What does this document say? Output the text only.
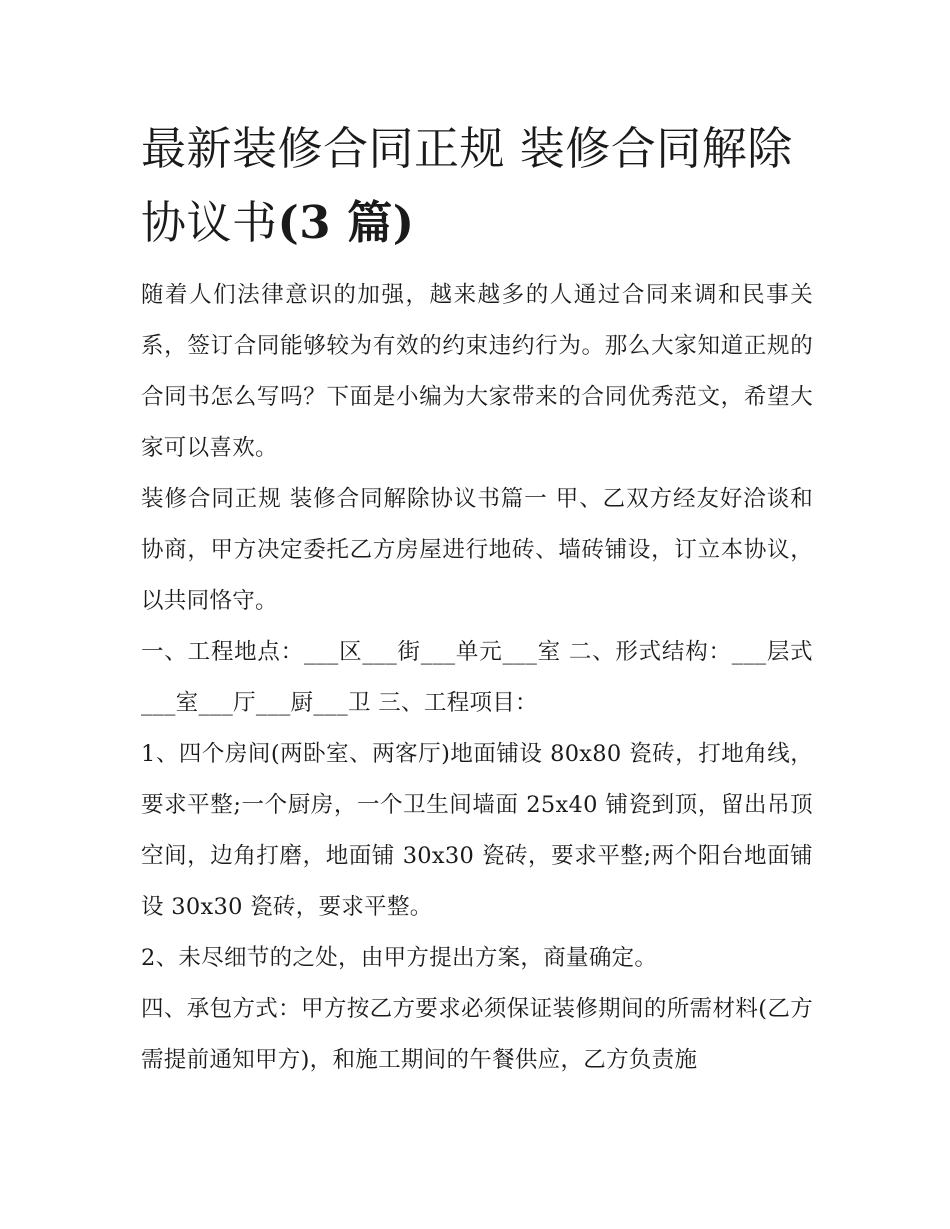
最新装修合同正规 装修合同解除协议书(3 篇)

随着人们法律意识的加强，越来越多的人通过合同来调和民事关系，签订合同能够较为有效的约束违约行为。那么大家知道正规的合同书怎么写吗？下面是小编为大家带来的合同优秀范文，希望大家可以喜欢。

装修合同正规 装修合同解除协议书篇一 甲、乙双方经友好洽谈和协商，甲方决定委托乙方房屋进行地砖、墙砖铺设，订立本协议，以共同恪守。

一、工程地点：___区___街___单元___室 二、形式结构：___层式 ___室___厅___厨___卫 三、工程项目：

1、四个房间(两卧室、两客厅)地面铺设 80x80 瓷砖，打地角线，要求平整;一个厨房，一个卫生间墙面 25x40 铺瓷到顶，留出吊顶空间，边角打磨，地面铺 30x30 瓷砖，要求平整;两个阳台地面铺设 30x30 瓷砖，要求平整。

2、未尽细节的之处，由甲方提出方案，商量确定。

四、承包方式：甲方按乙方要求必须保证装修期间的所需材料(乙方需提前通知甲方)，和施工期间的午餐供应，乙方负责施
